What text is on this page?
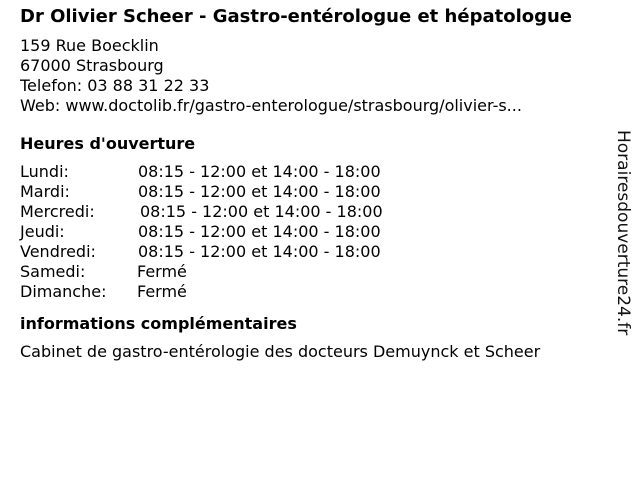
Dr Olivier Scheer - Gastro-entérologue et hépatologue
159 Rue Boecklin
67000 Strasbourg
Telefon: 03 88 31 22 33
Web: www.doctolib.fr/gastro-enterologue/strasbourg/olivier-s...
Heures d'ouverture
Lundi:	08:15 - 12:00 et 14:00 - 18:00
Mardi:	08:15 - 12:00 et 14:00 - 18:00
Mercredi:	08:15 - 12:00 et 14:00 - 18:00
Jeudi:	08:15 - 12:00 et 14:00 - 18:00
Vendredi:	08:15 - 12:00 et 14:00 - 18:00
Samedi:	Fermé
Dimanche:	Fermé
informations complémentaires
Cabinet de gastro-entérologie des docteurs Demuynck et Scheer
Horairesdouverture24.fr
